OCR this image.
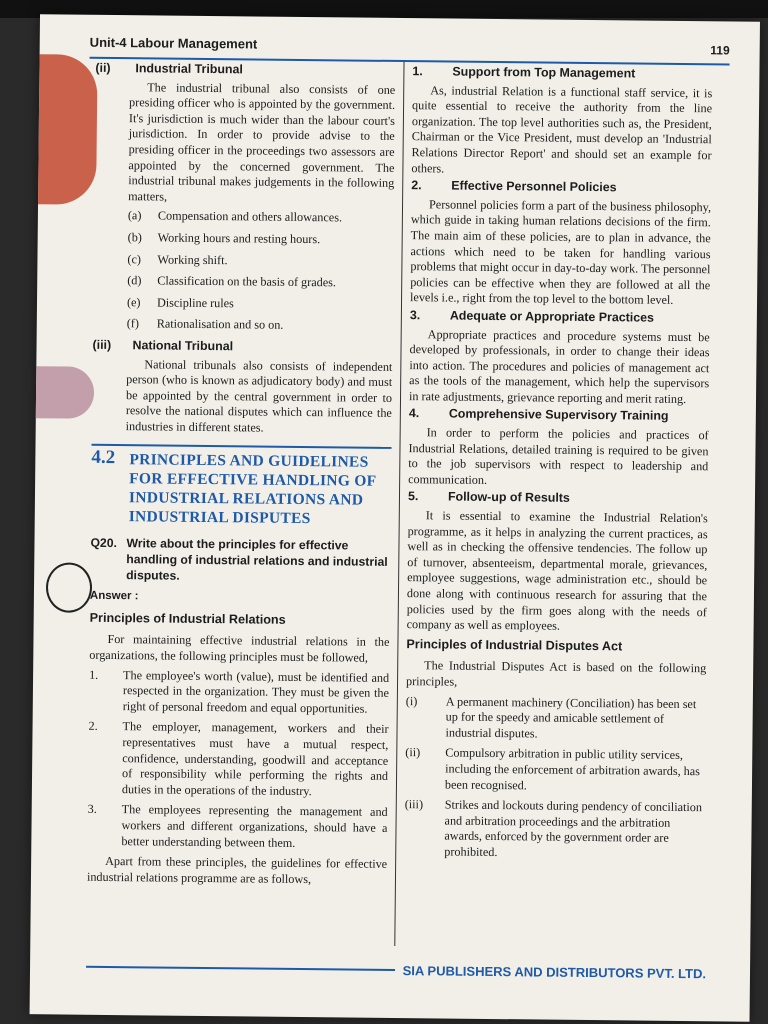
Unit-4 Labour Management	119
(ii)	Industrial Tribunal

The industrial tribunal also consists of one presiding officer who is appointed by the government. It's jurisdiction is much wider than the labour court's jurisdiction. In order to provide advise to the presiding officer in the proceedings two assessors are appointed by the concerned government. The industrial tribunal makes judgements in the following matters,

(a)	Compensation and others allowances.
(b)	Working hours and resting hours.
(c)	Working shift.
(d)	Classification on the basis of grades.
(e)	Discipline rules
(f)	Rationalisation and so on.
(iii)	National Tribunal

National tribunals also consists of independent person (who is known as adjudicatory body) and must be appointed by the central government in order to resolve the national disputes which can influence the industries in different states.

4.2 PRINCIPLES AND GUIDELINES FOR EFFECTIVE HANDLING OF INDUSTRIAL RELATIONS AND INDUSTRIAL DISPUTES
Q20. Write about the principles for effective handling of industrial relations and industrial disputes.
Answer :
Principles of Industrial Relations

For maintaining effective industrial relations in the organizations, the following principles must be followed,

1.	The employee's worth (value), must be identified and respected in the organization. They must be given the right of personal freedom and equal opportunities.
2.	The employer, management, workers and their representatives must have a mutual respect, confidence, understanding, goodwill and acceptance of responsibility while performing the rights and duties in the operations of the industry.
3.	The employees representing the management and workers and different organizations, should have a better understanding between them.

Apart from these principles, the guidelines for effective industrial relations programme are as follows,

1.	Support from Top Management

As, industrial Relation is a functional staff service, it is quite essential to receive the authority from the line organization. The top level authorities such as, the President, Chairman or the Vice President, must develop an 'Industrial Relations Director Report' and should set an example for others.

2.	Effective Personnel Policies

Personnel policies form a part of the business philosophy, which guide in taking human relations decisions of the firm. The main aim of these policies, are to plan in advance, the actions which need to be taken for handling various problems that might occur in day-to-day work. The personnel policies can be effective when they are followed at all the levels i.e., right from the top level to the bottom level.

3.	Adequate or Appropriate Practices

Appropriate practices and procedure systems must be developed by professionals, in order to change their ideas into action. The procedures and policies of management act as the tools of the management, which help the supervisors in rate adjustments, grievance reporting and merit rating.

4.	Comprehensive Supervisory Training

In order to perform the policies and practices of Industrial Relations, detailed training is required to be given to the job supervisors with respect to leadership and communication.

5.	Follow-up of Results

It is essential to examine the Industrial Relation's programme, as it helps in analyzing the current practices, as well as in checking the offensive tendencies. The follow up of turnover, absenteeism, departmental morale, grievances, employee suggestions, wage administration etc., should be done along with continuous research for assuring that the policies used by the firm goes along with the needs of company as well as employees.

Principles of Industrial Disputes Act

The Industrial Disputes Act is based on the following principles,

(i)	A permanent machinery (Conciliation) has been set up for the speedy and amicable settlement of industrial disputes.
(ii)	Compulsory arbitration in public utility services, including the enforcement of arbitration awards, has been recognised.
(iii)	Strikes and lockouts during pendency of conciliation and arbitration proceedings and the arbitration awards, enforced by the government order are prohibited.
SIA PUBLISHERS AND DISTRIBUTORS PVT. LTD.
